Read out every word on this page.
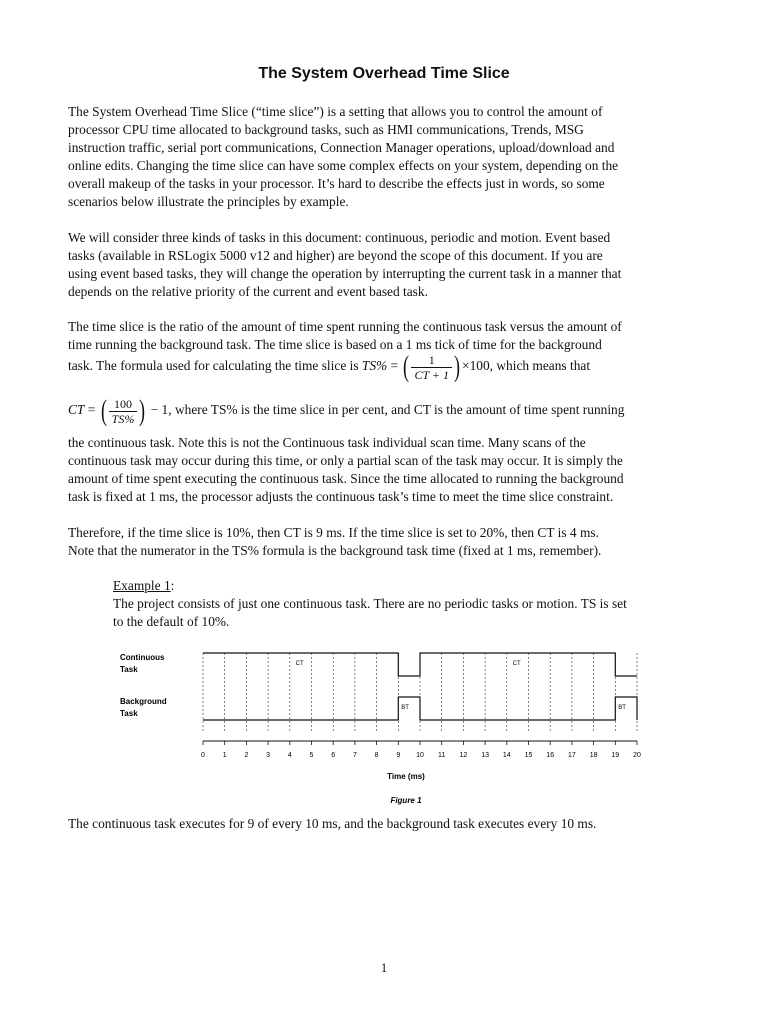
The System Overhead Time Slice
The System Overhead Time Slice (“time slice”) is a setting that allows you to control the amount of
processor CPU time allocated to background tasks, such as HMI communications, Trends, MSG
instruction traffic, serial port communications, Connection Manager operations, upload/download and
online edits. Changing the time slice can have some complex effects on your system, depending on the
overall makeup of the tasks in your processor. It’s hard to describe the effects just in words, so some
scenarios below illustrate the principles by example.
We will consider three kinds of tasks in this document: continuous, periodic and motion. Event based
tasks (available in RSLogix 5000 v12 and higher) are beyond the scope of this document. If you are
using event based tasks, they will change the operation by interrupting the current task in a manner that
depends on the relative priority of the current and event based task.
The time slice is the ratio of the amount of time spent running the continuous task versus the amount of
time running the background task. The time slice is based on a 1 ms tick of time for the background
task. The formula used for calculating the time slice is TS% = ( $\frac{1}{CT + 1}$ ) ×100, which means that
CT = ( $\frac{100}{TS\%}$ ) − 1, where TS% is the time slice in per cent, and CT is the amount of time spent running
the continuous task. Note this is not the Continuous task individual scan time. Many scans of the
continuous task may occur during this time, or only a partial scan of the task may occur. It is simply the
amount of time spent executing the continuous task. Since the time allocated to running the background
task is fixed at 1 ms, the processor adjusts the continuous task’s time to meet the time slice constraint.
Therefore, if the time slice is 10%, then CT is 9 ms. If the time slice is set to 20%, then CT is 4 ms.
Note that the numerator in the TS% formula is the background task time (fixed at 1 ms, remember).
Example 1:
The project consists of just one continuous task. There are no periodic tasks or motion. TS is set
to the default of 10%.
Continuous
Task
Background
Task
CT	CT
BT	BT
0	1	2	3	4	5	6	7	8	9 10 11 12 13 14 15 16 17 18 19 20
Time (ms)
Figure 1
The continuous task executes for 9 of every 10 ms, and the background task executes every 10 ms.
1
